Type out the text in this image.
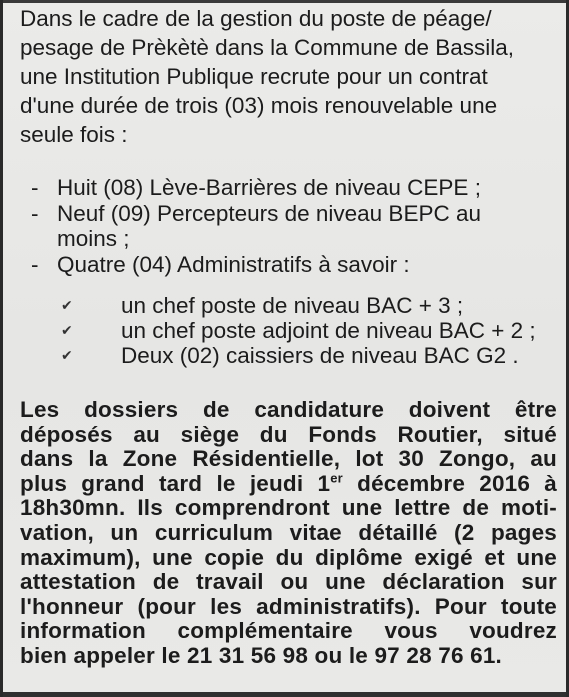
Dans le cadre de la gestion du poste de péage/
pesage de Prèkètè dans la Commune de Bassila,
une Institution Publique recrute pour un contrat
d'une durée de trois (03) mois renouvelable une
seule fois :

- Huit (08) Lève-Barrières de niveau CEPE ;
- Neuf (09) Percepteurs de niveau BEPC au
moins ;
- Quatre (04) Administratifs à savoir :
✔	un chef poste de niveau BAC + 3 ;
✔	un chef poste adjoint de niveau BAC + 2 ;
✔	Deux (02) caissiers de niveau BAC G2 .
Les dossiers de candidature doivent être
déposés au siège du Fonds Routier, situé
dans la Zone Résidentielle, lot 30 Zongo, au
plus grand tard le jeudi 1er décembre 2016 à
18h30mn. Ils comprendront une lettre de moti-
vation, un curriculum vitae détaillé (2 pages
maximum), une copie du diplôme exigé et une
attestation de travail ou une déclaration sur
l'honneur (pour les administratifs). Pour toute
information complémentaire vous voudrez
bien appeler le 21 31 56 98 ou le 97 28 76 61.
